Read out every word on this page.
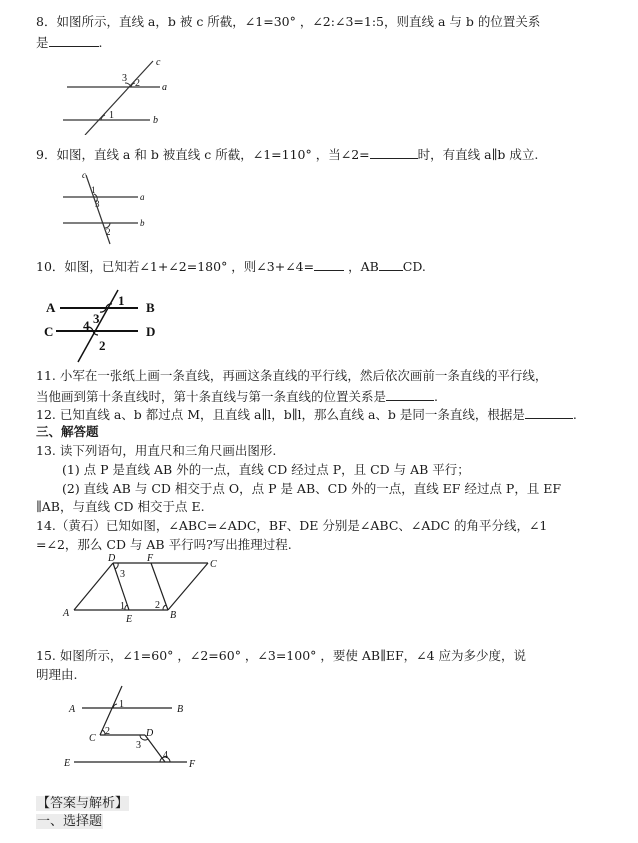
8．如图所示，直线 a，b 被 c 所截，∠1=30° ，∠2:∠3=1:5，则直线 a 与 b 的位置关系
是	.
c
a
b
1
2
3
9．如图，直线 a 和 b 被直线 c 所截，∠1=110° ，当∠2=	时，有直线 a∥b 成立.
c
a
b
1
2
3
10．如图，已知若∠1+∠2=180° ，则∠3+∠4= ，AB CD.
A	B
C	D
1
2
3
4
11. 小军在一张纸上画一条直线，再画这条直线的平行线，然后依次画前一条直线的平行线，
当他画到第十条直线时，第十条直线与第一条直线的位置关系是	.
12. 已知直线 a、b 都过点 M，且直线 a∥l，b∥l，那么直线 a、b 是同一条直线，根据是	.
三、解答题
13. 读下列语句，用直尺和三角尺画出图形.
(1) 点 P 是直线 AB 外的一点，直线 CD 经过点 P，且 CD 与 AB 平行；
(2) 直线 AB 与 CD 相交于点 O，点 P 是 AB、CD 外的一点，直线 EF 经过点 P，且 EF
∥AB，与直线 CD 相交于点 E.
14.（黄石）已知如图，∠ABC=∠ADC，BF、DE 分别是∠ABC、∠ADC 的角平分线，∠1
=∠2，那么 CD 与 AB 平行吗?写出推理过程.
D	F
C
A
E	B
1	2
3
15. 如图所示，∠1=60° ，∠2=60° ，∠3=100° ，要使 AB∥EF，∠4 应为多少度，说
明理由.
A	B
C	D
E	F
1
2
3
4
【答案与解析】
一、选择题
